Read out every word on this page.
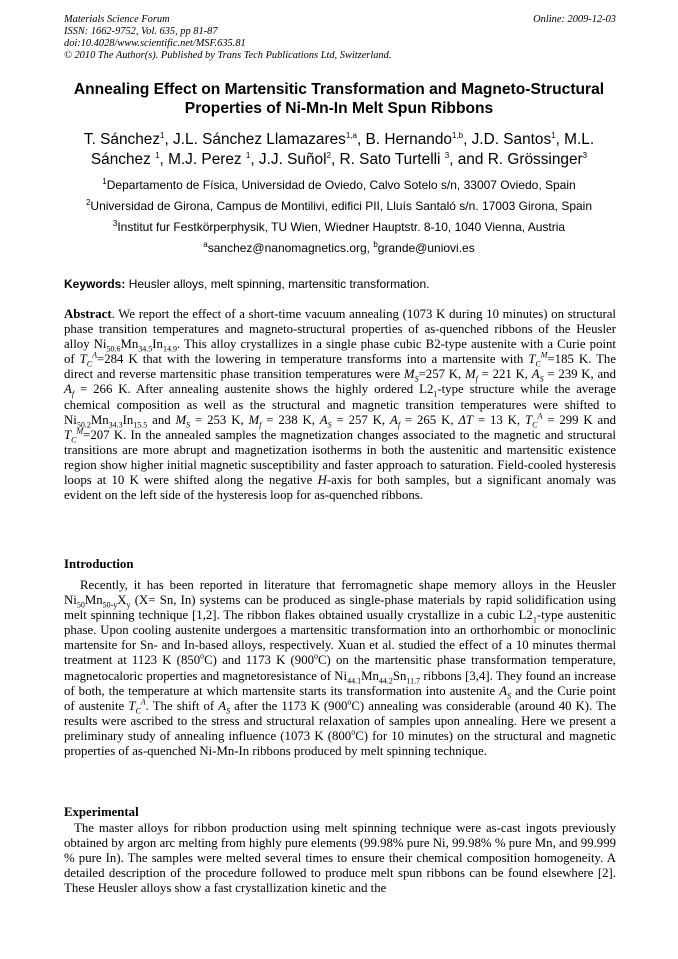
Materials Science Forum
ISSN: 1662-9752, Vol. 635, pp 81-87
doi:10.4028/www.scientific.net/MSF.635.81
© 2010 The Author(s). Published by Trans Tech Publications Ltd, Switzerland.
Online: 2009-12-03
Annealing Effect on Martensitic Transformation and Magneto-Structural
Properties of Ni-Mn-In Melt Spun Ribbons
T. Sánchez$^1$, J.L. Sánchez Llamazares$^{1,a}$, B. Hernando$^{1,b}$, J.D. Santos$^1$, M.L.
Sánchez $^1$, M.J. Perez $^1$, J.J. Suñol$^2$, R. Sato Turtelli $^3$, and R. Grössinger$^3$
$^1$Departamento de Física, Universidad de Oviedo, Calvo Sotelo s/n, 33007 Oviedo, Spain
$^2$Universidad de Girona, Campus de Montilivi, edifici PII, Lluís Santaló s/n. 17003 Girona, Spain
$^3$Institut fur Festkörperphysik, TU Wien, Wiedner Hauptstr. 8-10, 1040 Vienna, Austria
$^a$sanchez@nanomagnetics.org, $^b$grande@uniovi.es
Keywords: Heusler alloys, melt spinning, martensitic transformation.

Abstract. We report the effect of a short-time vacuum annealing (1073 K during 10 minutes) on structural phase transition temperatures and magneto-structural properties of as-quenched ribbons of the Heusler alloy $Ni_{50.6}Mn_{34.5}In_{14.9}$. This alloy crystallizes in a single phase cubic B2-type austenite with a Curie point of $T_C^A=284$ K that with the lowering in temperature transforms into a martensite with $T_C^M=185$ K. The direct and reverse martensitic phase transition temperatures were $M_S=257$ K, $M_f = 221$ K, $A_S = 239$ K, and $A_f = 266$ K. After annealing austenite shows the highly ordered $L2_1$-type structure while the average chemical composition as well as the structural and magnetic transition temperatures were shifted to $Ni_{50.2}Mn_{34.3}In_{15.5}$ and $M_S = 253$ K, $M_f = 238$ K, $A_S = 257$ K, $A_f = 265$ K, ΔT = 13 K, $T_C^A = 299$ K and $T_C^M=207$ K. In the annealed samples the magnetization changes associated to the magnetic and structural transitions are more abrupt and magnetization isotherms in both the austenitic and martensitic existence region show higher initial magnetic susceptibility and faster approach to saturation. Field-cooled hysteresis loops at 10 K were shifted along the negative H-axis for both samples, but a significant anomaly was evident on the left side of the hysteresis loop for as-quenched ribbons.

Introduction

Recently, it has been reported in literature that ferromagnetic shape memory alloys in the Heusler $Ni_{50}Mn_{50-y}X_y$ (X= Sn, In) systems can be produced as single-phase materials by rapid solidification using melt spinning technique [1,2]. The ribbon flakes obtained usually crystallize in a cubic $L2_1$-type austenitic phase. Upon cooling austenite undergoes a martensitic transformation into an orthorhombic or monoclinic martensite for Sn- and In-based alloys, respectively. Xuan et al. studied the effect of a 10 minutes thermal treatment at 1123 K (850$^o$C) and 1173 K (900$^o$C) on the martensitic phase transformation temperature, magnetocaloric properties and magnetoresistance of $Ni_{44.1}Mn_{44.2}Sn_{11.7}$ ribbons [3,4]. They found an increase of both, the temperature at which martensite starts its transformation into austenite $A_S$ and the Curie point of austenite $T_C^A$. The shift of $A_S$ after the 1173 K (900$^o$C) annealing was considerable (around 40 K). The results were ascribed to the stress and structural relaxation of samples upon annealing. Here we present a preliminary study of annealing influence (1073 K (800$^o$C) for 10 minutes) on the structural and magnetic properties of as-quenched Ni-Mn-In ribbons produced by melt spinning technique.

Experimental

The master alloys for ribbon production using melt spinning technique were as-cast ingots previously obtained by argon arc melting from highly pure elements (99.98% pure Ni, 99.98% % pure Mn, and 99.999 % pure In). The samples were melted several times to ensure their chemical composition homogeneity. A detailed description of the procedure followed to produce melt spun ribbons can be found elsewhere [2]. These Heusler alloys show a fast crystallization kinetic and the
